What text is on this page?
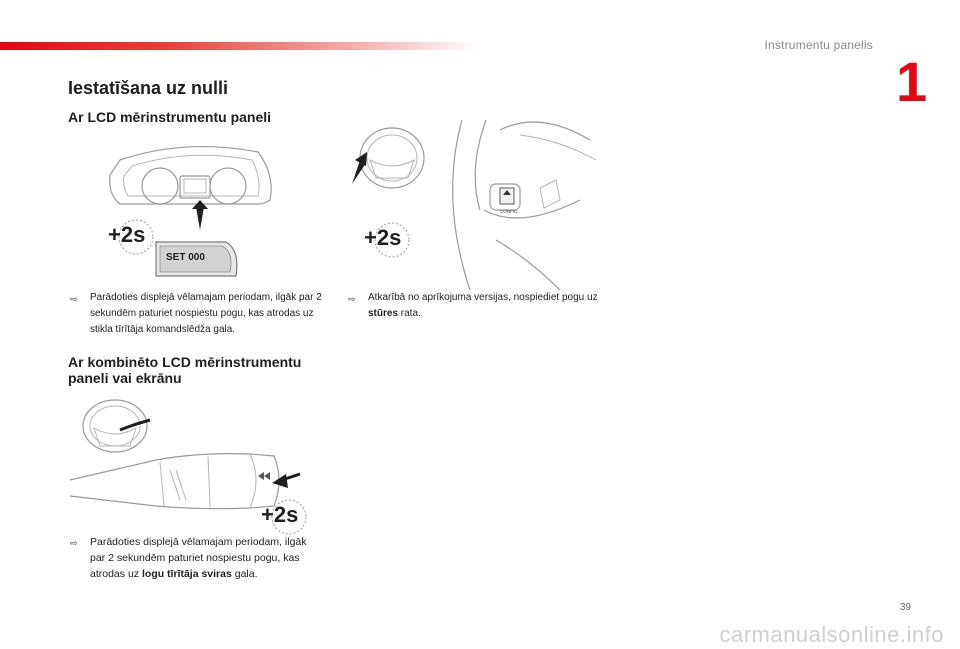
Instrumentu panelis
1
Iestatīšana uz nulli
Ar LCD mērinstrumentu paneli
SET 000
+2s	+2s
CONFIG
⇨ Parādoties displejā vēlamajam periodam, ilgāk par 2 sekundēm paturiet nospiestu pogu, kas atrodas uz stikla tīrītāja komandslēdža gala.
⇨ Atkarībā no aprīkojuma versijas, nospiediet pogu uz stūres rata.
Ar kombinēto LCD mērinstrumentu paneli vai ekrānu
+2s
⇨ Parādoties displejā vēlamajam periodam, ilgāk par 2 sekundēm paturiet nospiestu pogu, kas atrodas uz logu tīrītāja sviras gala.
39
carmanualsonline.info
